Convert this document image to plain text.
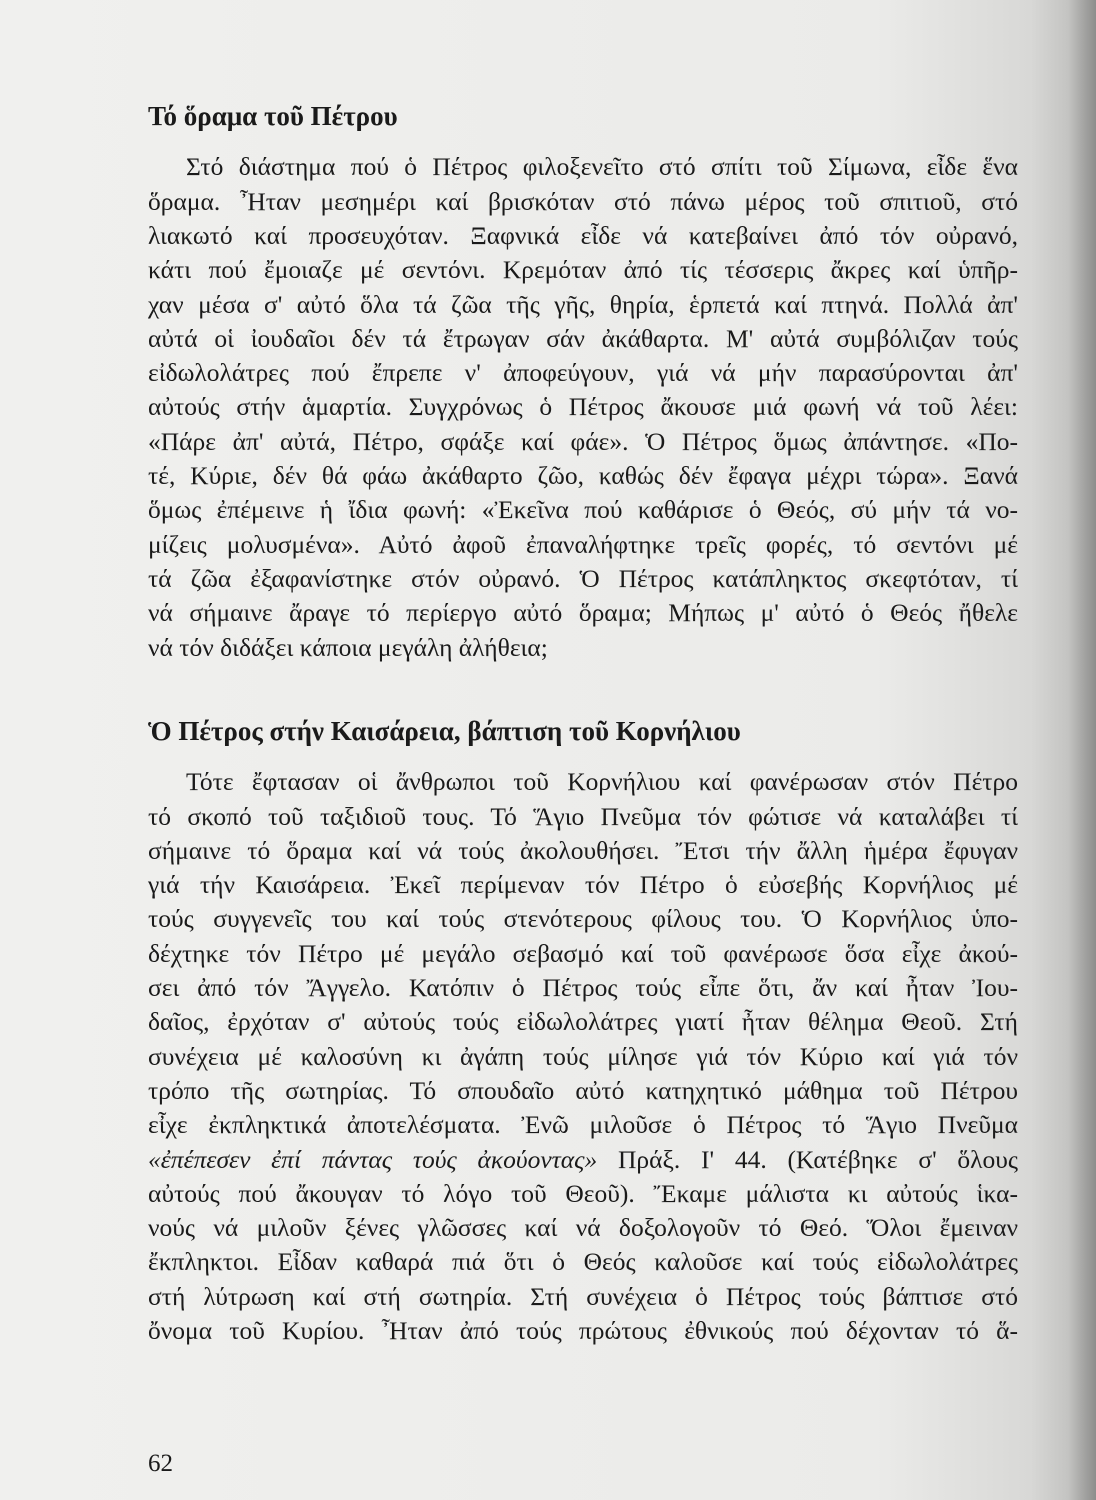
Τό ὅραμα τοῦ Πέτρου
Στό διάστημα πού ὁ Πέτρος φιλοξενεῖτο στό σπίτι τοῦ Σίμωνα, εἶδε ἕνα
ὅραμα. Ἦταν μεσημέρι καί βρισκόταν στό πάνω μέρος τοῦ σπιτιοῦ, στό
λιακωτό καί προσευχόταν. Ξαφνικά εἶδε νά κατεβαίνει ἀπό τόν οὐρανό,
κάτι πού ἔμοιαζε μέ σεντόνι. Κρεμόταν ἀπό τίς τέσσερις ἄκρες καί ὑπῆρ-
χαν μέσα σ' αὐτό ὅλα τά ζῶα τῆς γῆς, θηρία, ἑρπετά καί πτηνά. Πολλά ἀπ'
αὐτά οἱ ἰουδαῖοι δέν τά ἔτρωγαν σάν ἀκάθαρτα. Μ' αὐτά συμβόλιζαν τούς
εἰδωλολάτρες πού ἔπρεπε ν' ἀποφεύγουν, γιά νά μήν παρασύρονται ἀπ'
αὐτούς στήν ἁμαρτία. Συγχρόνως ὁ Πέτρος ἄκουσε μιά φωνή νά τοῦ λέει:
«Πάρε ἀπ' αὐτά, Πέτρο, σφάξε καί φάε». Ὁ Πέτρος ὅμως ἀπάντησε. «Πο-
τέ, Κύριε, δέν θά φάω ἀκάθαρτο ζῶο, καθώς δέν ἔφαγα μέχρι τώρα». Ξανά
ὅμως ἐπέμεινε ἡ ἴδια φωνή: «Ἐκεῖνα πού καθάρισε ὁ Θεός, σύ μήν τά νο-
μίζεις μολυσμένα». Αὐτό ἀφοῦ ἐπαναλήφτηκε τρεῖς φορές, τό σεντόνι μέ
τά ζῶα ἐξαφανίστηκε στόν οὐρανό. Ὁ Πέτρος κατάπληκτος σκεφτόταν, τί
νά σήμαινε ἄραγε τό περίεργο αὐτό ὅραμα; Μήπως μ' αὐτό ὁ Θεός ἤθελε
νά τόν διδάξει κάποια μεγάλη ἀλήθεια;
Ὁ Πέτρος στήν Καισάρεια, βάπτιση τοῦ Κορνήλιου
Τότε ἔφτασαν οἱ ἄνθρωποι τοῦ Κορνήλιου καί φανέρωσαν στόν Πέτρο
τό σκοπό τοῦ ταξιδιοῦ τους. Τό Ἅγιο Πνεῦμα τόν φώτισε νά καταλάβει τί
σήμαινε τό ὅραμα καί νά τούς ἀκολουθήσει. Ἔτσι τήν ἄλλη ἡμέρα ἔφυγαν
γιά τήν Καισάρεια. Ἐκεῖ περίμεναν τόν Πέτρο ὁ εὐσεβής Κορνήλιος μέ
τούς συγγενεῖς του καί τούς στενότερους φίλους του. Ὁ Κορνήλιος ὑπο-
δέχτηκε τόν Πέτρο μέ μεγάλο σεβασμό καί τοῦ φανέρωσε ὅσα εἶχε ἀκού-
σει ἀπό τόν Ἄγγελο. Κατόπιν ὁ Πέτρος τούς εἶπε ὅτι, ἄν καί ἦταν Ἰου-
δαῖος, ἐρχόταν σ' αὐτούς τούς εἰδωλολάτρες γιατί ἦταν θέλημα Θεοῦ. Στή
συνέχεια μέ καλοσύνη κι ἀγάπη τούς μίλησε γιά τόν Κύριο καί γιά τόν
τρόπο τῆς σωτηρίας. Τό σπουδαῖο αὐτό κατηχητικό μάθημα τοῦ Πέτρου
εἶχε ἐκπληκτικά ἀποτελέσματα. Ἐνῶ μιλοῦσε ὁ Πέτρος τό Ἅγιο Πνεῦμα
«ἐπέπεσεν ἐπί πάντας τούς ἀκούοντας» Πράξ. Ι' 44. (Κατέβηκε σ' ὅλους
αὐτούς πού ἄκουγαν τό λόγο τοῦ Θεοῦ). Ἔκαμε μάλιστα κι αὐτούς ἱκα-
νούς νά μιλοῦν ξένες γλῶσσες καί νά δοξολογοῦν τό Θεό. Ὅλοι ἔμειναν
ἔκπληκτοι. Εἶδαν καθαρά πιά ὅτι ὁ Θεός καλοῦσε καί τούς εἰδωλολάτρες
στή λύτρωση καί στή σωτηρία. Στή συνέχεια ὁ Πέτρος τούς βάπτισε στό
ὄνομα τοῦ Κυρίου. Ἦταν ἀπό τούς πρώτους ἐθνικούς πού δέχονταν τό ἅ-
62
